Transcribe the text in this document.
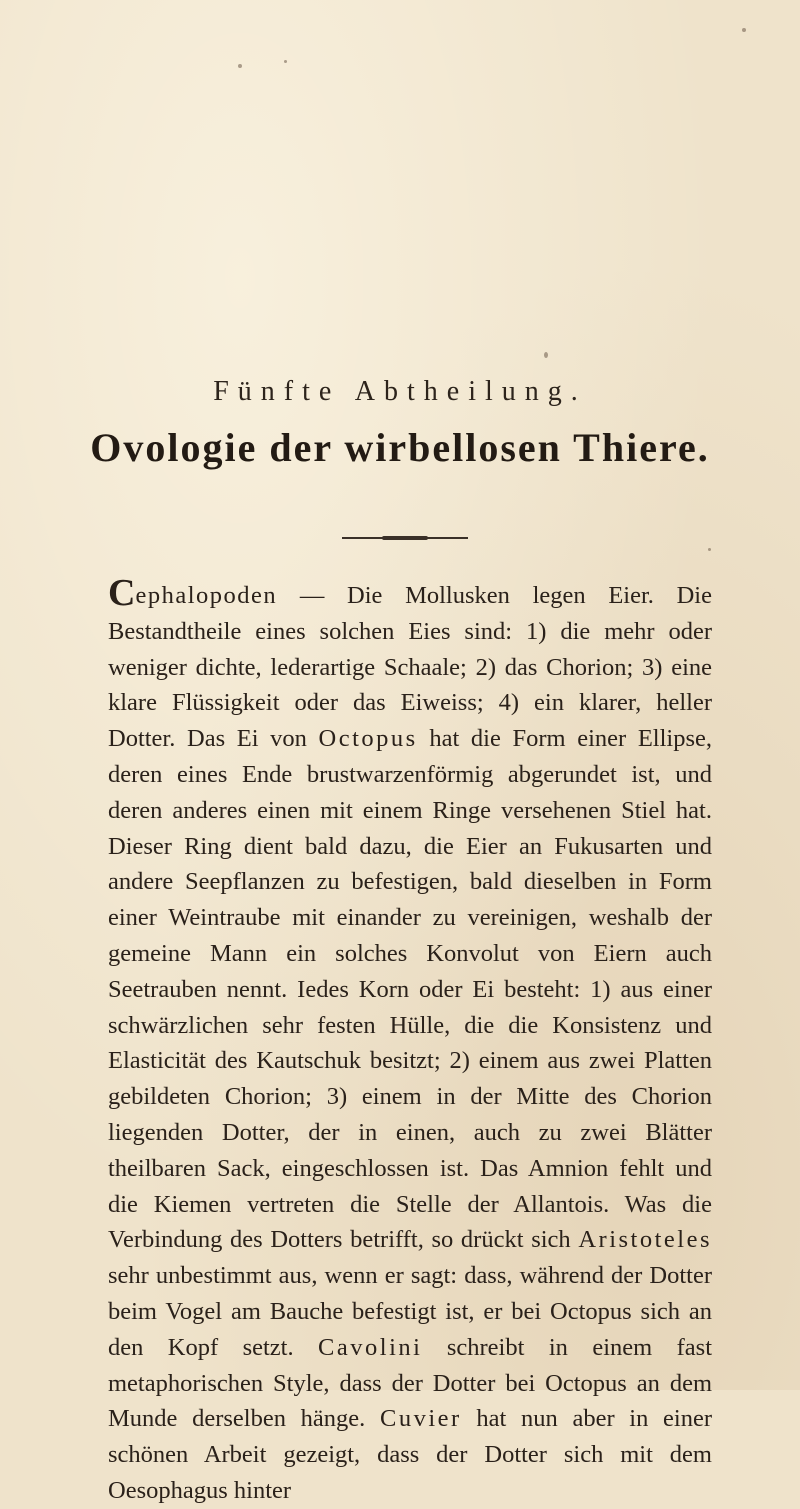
Fünfte Abtheilung.
Ovologie der wirbellosen Thiere.

Cephalopoden — Die Mollusken legen Eier. Die Bestandtheile eines solchen Eies sind: 1) die mehr oder weniger dichte, lederartige Schaale; 2) das Chorion; 3) eine klare Flüssigkeit oder das Eiweiss; 4) ein klarer, heller Dotter. Das Ei von Octopus hat die Form einer Ellipse, deren eines Ende brustwarzenförmig abgerundet ist, und deren anderes einen mit einem Ringe versehenen Stiel hat. Dieser Ring dient bald dazu, die Eier an Fukusarten und andere Seepflanzen zu befestigen, bald dieselben in Form einer Weintraube mit einander zu vereinigen, weshalb der gemeine Mann ein solches Konvolut von Eiern auch Seetrauben nennt. Iedes Korn oder Ei besteht: 1) aus einer schwärzlichen sehr festen Hülle, die die Konsistenz und Elasticität des Kautschuk besitzt; 2) einem aus zwei Platten gebildeten Chorion; 3) einem in der Mitte des Chorion liegenden Dotter, der in einen, auch zu zwei Blätter theilbaren Sack, eingeschlossen ist. Das Amnion fehlt und die Kiemen vertreten die Stelle der Allantois. Was die Verbindung des Dotters betrifft, so drückt sich Aristoteles sehr unbestimmt aus, wenn er sagt: dass, während der Dotter beim Vogel am Bauche befestigt ist, er bei Octopus sich an den Kopf setzt. Cavolini schreibt in einem fast metaphorischen Style, dass der Dotter bei Octopus an dem Munde derselben hänge. Cuvier hat nun aber in einer schönen Arbeit gezeigt, dass der Dotter sich mit dem Oesophagus hinter
